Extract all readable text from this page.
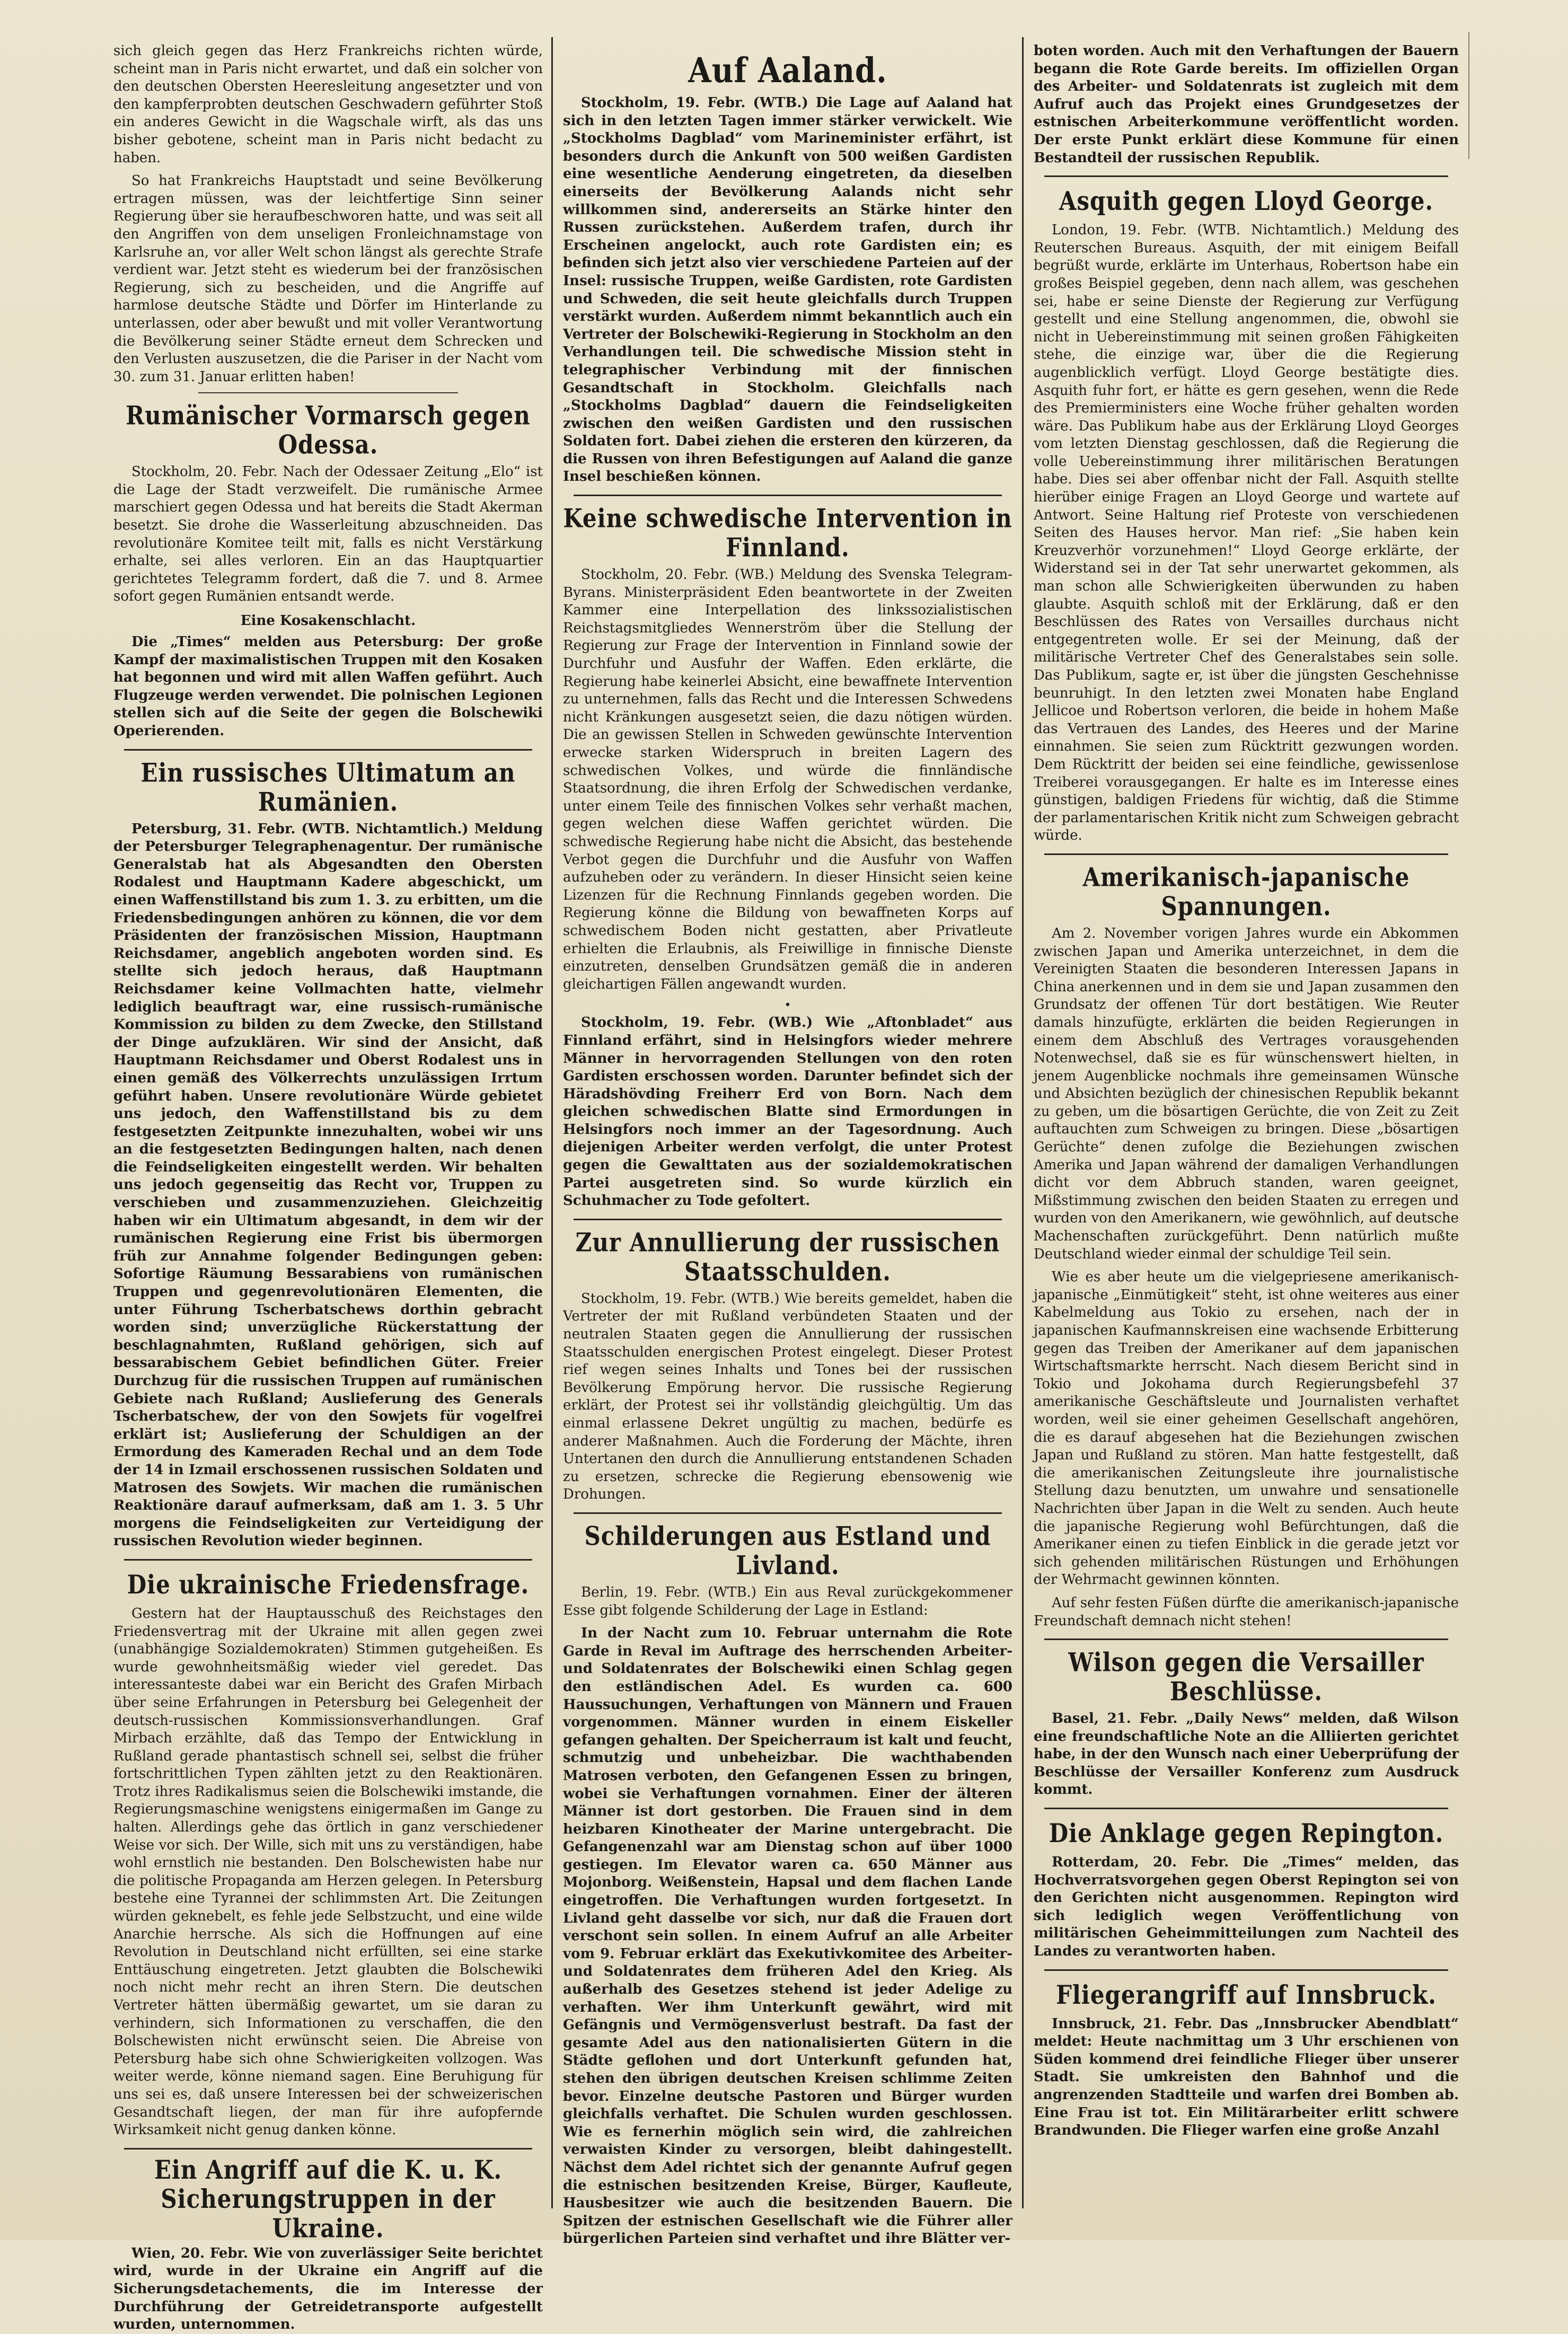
sich gleich gegen das Herz Frankreichs richten würde, scheint man in Paris nicht erwartet, und daß ein solcher von den deutschen Obersten Heeresleitung angesetzter und von den kampferprobten deutschen Geschwadern geführter Stoß ein anderes Gewicht in die Wagschale wirft, als das uns bisher gebotene, scheint man in Paris nicht bedacht zu haben.

So hat Frankreichs Hauptstadt und seine Bevölkerung ertragen müssen, was der leichtfertige Sinn seiner Regierung über sie heraufbeschworen hatte, und was seit all den Angriffen von dem unseligen Fronleichnamstage von Karlsruhe an, vor aller Welt schon längst als gerechte Strafe verdient war. Jetzt steht es wiederum bei der französischen Regierung, sich zu bescheiden, und die Angriffe auf harmlose deutsche Städte und Dörfer im Hinterlande zu unterlassen, oder aber bewußt und mit voller Verantwortung die Bevölkerung seiner Städte erneut dem Schrecken und den Verlusten auszusetzen, die die Pariser in der Nacht vom 30. zum 31. Januar erlitten haben!

Rumänischer Vormarsch gegen Odessa.

Stockholm, 20. Febr. Nach der Odessaer Zeitung „Elo“ ist die Lage der Stadt verzweifelt. Die rumänische Armee marschiert gegen Odessa und hat bereits die Stadt Akerman besetzt. Sie drohe die Wasserleitung abzuschneiden. Das revolutionäre Komitee teilt mit, falls es nicht Verstärkung erhalte, sei alles verloren. Ein an das Hauptquartier gerichtetes Telegramm fordert, daß die 7. und 8. Armee sofort gegen Rumänien entsandt werde.

Eine Kosakenschlacht.

Die „Times“ melden aus Petersburg: Der große Kampf der maximalistischen Truppen mit den Kosaken hat begonnen und wird mit allen Waffen geführt. Auch Flugzeuge werden verwendet. Die polnischen Legionen stellen sich auf die Seite der gegen die Bolschewiki Operierenden.

Ein russisches Ultimatum an Rumänien.

Petersburg, 31. Febr. (WTB. Nichtamtlich.) Meldung der Petersburger Telegraphenagentur. Der rumänische Generalstab hat als Abgesandten den Obersten Rodalest und Hauptmann Kadere abgeschickt, um einen Waffenstillstand bis zum 1. 3. zu erbitten, um die Friedensbedingungen anhören zu können, die vor dem Präsidenten der französischen Mission, Hauptmann Reichsdamer, angeblich angeboten worden sind. Es stellte sich jedoch heraus, daß Hauptmann Reichsdamer keine Vollmachten hatte, vielmehr lediglich beauftragt war, eine russisch-rumänische Kommission zu bilden zu dem Zwecke, den Stillstand der Dinge aufzuklären. Wir sind der Ansicht, daß Hauptmann Reichsdamer und Oberst Rodalest uns in einen gemäß des Völkerrechts unzulässigen Irrtum geführt haben. Unsere revolutionäre Würde gebietet uns jedoch, den Waffenstillstand bis zu dem festgesetzten Zeitpunkte innezuhalten, wobei wir uns an die festgesetzten Bedingungen halten, nach denen die Feindseligkeiten eingestellt werden. Wir behalten uns jedoch gegenseitig das Recht vor, Truppen zu verschieben und zusammenzuziehen. Gleichzeitig haben wir ein Ultimatum abgesandt, in dem wir der rumänischen Regierung eine Frist bis übermorgen früh zur Annahme folgender Bedingungen geben: Sofortige Räumung Bessarabiens von rumänischen Truppen und gegenrevolutionären Elementen, die unter Führung Tscherbatschews dorthin gebracht worden sind; unverzügliche Rückerstattung der beschlagnahmten, Rußland gehörigen, sich auf bessarabischem Gebiet befindlichen Güter. Freier Durchzug für die russischen Truppen auf rumänischen Gebiete nach Rußland; Auslieferung des Generals Tscherbatschew, der von den Sowjets für vogelfrei erklärt ist; Auslieferung der Schuldigen an der Ermordung des Kameraden Rechal und an dem Tode der 14 in Izmail erschossenen russischen Soldaten und Matrosen des Sowjets. Wir machen die rumänischen Reaktionäre darauf aufmerksam, daß am 1. 3. 5 Uhr morgens die Feindseligkeiten zur Verteidigung der russischen Revolution wieder beginnen.

Die ukrainische Friedensfrage.

Gestern hat der Hauptausschuß des Reichstages den Friedensvertrag mit der Ukraine mit allen gegen zwei (unabhängige Sozialdemokraten) Stimmen gutgeheißen. Es wurde gewohnheitsmäßig wieder viel geredet. Das interessanteste dabei war ein Bericht des Grafen Mirbach über seine Erfahrungen in Petersburg bei Gelegenheit der deutsch-russischen Kommissionsverhandlungen. Graf Mirbach erzählte, daß das Tempo der Entwicklung in Rußland gerade phantastisch schnell sei, selbst die früher fortschrittlichen Typen zählten jetzt zu den Reaktionären. Trotz ihres Radikalismus seien die Bolschewiki imstande, die Regierungsmaschine wenigstens einigermaßen im Gange zu halten. Allerdings gehe das örtlich in ganz verschiedener Weise vor sich. Der Wille, sich mit uns zu verständigen, habe wohl ernstlich nie bestanden. Den Bolschewisten habe nur die politische Propaganda am Herzen gelegen. In Petersburg bestehe eine Tyrannei der schlimmsten Art. Die Zeitungen würden geknebelt, es fehle jede Selbstzucht, und eine wilde Anarchie herrsche. Als sich die Hoffnungen auf eine Revolution in Deutschland nicht erfüllten, sei eine starke Enttäuschung eingetreten. Jetzt glaubten die Bolschewiki noch nicht mehr recht an ihren Stern. Die deutschen Vertreter hätten übermäßig gewartet, um sie daran zu verhindern, sich Informationen zu verschaffen, die den Bolschewisten nicht erwünscht seien. Die Abreise von Petersburg habe sich ohne Schwierigkeiten vollzogen. Was weiter werde, könne niemand sagen. Eine Beruhigung für uns sei es, daß unsere Interessen bei der schweizerischen Gesandtschaft liegen, der man für ihre aufopfernde Wirksamkeit nicht genug danken könne.

Ein Angriff auf die K. u. K. Sicherungstruppen in der Ukraine.

Wien, 20. Febr. Wie von zuverlässiger Seite berichtet wird, wurde in der Ukraine ein Angriff auf die Sicherungsdetachements, die im Interesse der Durchführung der Getreidetransporte aufgestellt wurden, unternommen.

Auf Aaland.

Stockholm, 19. Febr. (WTB.) Die Lage auf Aaland hat sich in den letzten Tagen immer stärker verwickelt. Wie „Stockholms Dagblad“ vom Marineminister erfährt, ist besonders durch die Ankunft von 500 weißen Gardisten eine wesentliche Aenderung eingetreten, da dieselben einerseits der Bevölkerung Aalands nicht sehr willkommen sind, andererseits an Stärke hinter den Russen zurückstehen. Außerdem trafen, durch ihr Erscheinen angelockt, auch rote Gardisten ein; es befinden sich jetzt also vier verschiedene Parteien auf der Insel: russische Truppen, weiße Gardisten, rote Gardisten und Schweden, die seit heute gleichfalls durch Truppen verstärkt wurden. Außerdem nimmt bekanntlich auch ein Vertreter der Bolschewiki-Regierung in Stockholm an den Verhandlungen teil. Die schwedische Mission steht in telegraphischer Verbindung mit der finnischen Gesandtschaft in Stockholm. Gleichfalls nach „Stockholms Dagblad“ dauern die Feindseligkeiten zwischen den weißen Gardisten und den russischen Soldaten fort. Dabei ziehen die ersteren den kürzeren, da die Russen von ihren Befestigungen auf Aaland die ganze Insel beschießen können.

Keine schwedische Intervention in Finnland.

Stockholm, 20. Febr. (WB.) Meldung des Svenska Telegram-Byrans. Ministerpräsident Eden beantwortete in der Zweiten Kammer eine Interpellation des linkssozialistischen Reichstagsmitgliedes Wennerström über die Stellung der Regierung zur Frage der Intervention in Finnland sowie der Durchfuhr und Ausfuhr der Waffen. Eden erklärte, die Regierung habe keinerlei Absicht, eine bewaffnete Intervention zu unternehmen, falls das Recht und die Interessen Schwedens nicht Kränkungen ausgesetzt seien, die dazu nötigen würden. Die an gewissen Stellen in Schweden gewünschte Intervention erwecke starken Widerspruch in breiten Lagern des schwedischen Volkes, und würde die finnländische Staatsordnung, die ihren Erfolg der Schwedischen verdanke, unter einem Teile des finnischen Volkes sehr verhaßt machen, gegen welchen diese Waffen gerichtet würden. Die schwedische Regierung habe nicht die Absicht, das bestehende Verbot gegen die Durchfuhr und die Ausfuhr von Waffen aufzuheben oder zu verändern. In dieser Hinsicht seien keine Lizenzen für die Rechnung Finnlands gegeben worden. Die Regierung könne die Bildung von bewaffneten Korps auf schwedischem Boden nicht gestatten, aber Privatleute erhielten die Erlaubnis, als Freiwillige in finnische Dienste einzutreten, denselben Grundsätzen gemäß die in anderen gleichartigen Fällen angewandt wurden.

•

Stockholm, 19. Febr. (WB.) Wie „Aftonbladet“ aus Finnland erfährt, sind in Helsingfors wieder mehrere Männer in hervorragenden Stellungen von den roten Gardisten erschossen worden. Darunter befindet sich der Häradshövding Freiherr Erd von Born. Nach dem gleichen schwedischen Blatte sind Ermordungen in Helsingfors noch immer an der Tagesordnung. Auch diejenigen Arbeiter werden verfolgt, die unter Protest gegen die Gewalttaten aus der sozialdemokratischen Partei ausgetreten sind. So wurde kürzlich ein Schuhmacher zu Tode gefoltert.

Zur Annullierung der russischen Staatsschulden.

Stockholm, 19. Febr. (WTB.) Wie bereits gemeldet, haben die Vertreter der mit Rußland verbündeten Staaten und der neutralen Staaten gegen die Annullierung der russischen Staatsschulden energischen Protest eingelegt. Dieser Protest rief wegen seines Inhalts und Tones bei der russischen Bevölkerung Empörung hervor. Die russische Regierung erklärt, der Protest sei ihr vollständig gleichgültig. Um das einmal erlassene Dekret ungültig zu machen, bedürfe es anderer Maßnahmen. Auch die Forderung der Mächte, ihren Untertanen den durch die Annullierung entstandenen Schaden zu ersetzen, schrecke die Regierung ebensowenig wie Drohungen.

Schilderungen aus Estland und Livland.

Berlin, 19. Febr. (WTB.) Ein aus Reval zurückgekommener Esse gibt folgende Schilderung der Lage in Estland:

In der Nacht zum 10. Februar unternahm die Rote Garde in Reval im Auftrage des herrschenden Arbeiter- und Soldatenrates der Bolschewiki einen Schlag gegen den estländischen Adel. Es wurden ca. 600 Haussuchungen, Verhaftungen von Männern und Frauen vorgenommen. Männer wurden in einem Eiskeller gefangen gehalten. Der Speicherraum ist kalt und feucht, schmutzig und unbeheizbar. Die wachthabenden Matrosen verboten, den Gefangenen Essen zu bringen, wobei sie Verhaftungen vornahmen. Einer der älteren Männer ist dort gestorben. Die Frauen sind in dem heizbaren Kinotheater der Marine untergebracht. Die Gefangenenzahl war am Dienstag schon auf über 1000 gestiegen. Im Elevator waren ca. 650 Männer aus Mojonborg. Weißenstein, Hapsal und dem flachen Lande eingetroffen. Die Verhaftungen wurden fortgesetzt. In Livland geht dasselbe vor sich, nur daß die Frauen dort verschont sein sollen. In einem Aufruf an alle Arbeiter vom 9. Februar erklärt das Exekutivkomitee des Arbeiter- und Soldatenrates dem früheren Adel den Krieg. Als außerhalb des Gesetzes stehend ist jeder Adelige zu verhaften. Wer ihm Unterkunft gewährt, wird mit Gefängnis und Vermögensverlust bestraft. Da fast der gesamte Adel aus den nationalisierten Gütern in die Städte geflohen und dort Unterkunft gefunden hat, stehen den übrigen deutschen Kreisen schlimme Zeiten bevor. Einzelne deutsche Pastoren und Bürger wurden gleichfalls verhaftet. Die Schulen wurden geschlossen. Wie es fernerhin möglich sein wird, die zahlreichen verwaisten Kinder zu versorgen, bleibt dahingestellt. Nächst dem Adel richtet sich der genannte Aufruf gegen die estnischen besitzenden Kreise, Bürger, Kaufleute, Hausbesitzer wie auch die besitzenden Bauern. Die Spitzen der estnischen Gesellschaft wie die Führer aller bürgerlichen Parteien sind verhaftet und ihre Blätter ver-

boten worden. Auch mit den Verhaftungen der Bauern begann die Rote Garde bereits. Im offiziellen Organ des Arbeiter- und Soldatenrats ist zugleich mit dem Aufruf auch das Projekt eines Grundgesetzes der estnischen Arbeiterkommune veröffentlicht worden. Der erste Punkt erklärt diese Kommune für einen Bestandteil der russischen Republik.

Asquith gegen Lloyd George.

London, 19. Febr. (WTB. Nichtamtlich.) Meldung des Reuterschen Bureaus. Asquith, der mit einigem Beifall begrüßt wurde, erklärte im Unterhaus, Robertson habe ein großes Beispiel gegeben, denn nach allem, was geschehen sei, habe er seine Dienste der Regierung zur Verfügung gestellt und eine Stellung angenommen, die, obwohl sie nicht in Uebereinstimmung mit seinen großen Fähigkeiten stehe, die einzige war, über die die Regierung augenblicklich verfügt. Lloyd George bestätigte dies. Asquith fuhr fort, er hätte es gern gesehen, wenn die Rede des Premierministers eine Woche früher gehalten worden wäre. Das Publikum habe aus der Erklärung Lloyd Georges vom letzten Dienstag geschlossen, daß die Regierung die volle Uebereinstimmung ihrer militärischen Beratungen habe. Dies sei aber offenbar nicht der Fall. Asquith stellte hierüber einige Fragen an Lloyd George und wartete auf Antwort. Seine Haltung rief Proteste von verschiedenen Seiten des Hauses hervor. Man rief: „Sie haben kein Kreuzverhör vorzunehmen!“ Lloyd George erklärte, der Widerstand sei in der Tat sehr unerwartet gekommen, als man schon alle Schwierigkeiten überwunden zu haben glaubte. Asquith schloß mit der Erklärung, daß er den Beschlüssen des Rates von Versailles durchaus nicht entgegentreten wolle. Er sei der Meinung, daß der militärische Vertreter Chef des Generalstabes sein solle. Das Publikum, sagte er, ist über die jüngsten Geschehnisse beunruhigt. In den letzten zwei Monaten habe England Jellicoe und Robertson verloren, die beide in hohem Maße das Vertrauen des Landes, des Heeres und der Marine einnahmen. Sie seien zum Rücktritt gezwungen worden. Dem Rücktritt der beiden sei eine feindliche, gewissenlose Treiberei vorausgegangen. Er halte es im Interesse eines günstigen, baldigen Friedens für wichtig, daß die Stimme der parlamentarischen Kritik nicht zum Schweigen gebracht würde.

Amerikanisch-japanische Spannungen.

Am 2. November vorigen Jahres wurde ein Abkommen zwischen Japan und Amerika unterzeichnet, in dem die Vereinigten Staaten die besonderen Interessen Japans in China anerkennen und in dem sie und Japan zusammen den Grundsatz der offenen Tür dort bestätigen. Wie Reuter damals hinzufügte, erklärten die beiden Regierungen in einem dem Abschluß des Vertrages vorausgehenden Notenwechsel, daß sie es für wünschenswert hielten, in jenem Augenblicke nochmals ihre gemeinsamen Wünsche und Absichten bezüglich der chinesischen Republik bekannt zu geben, um die bösartigen Gerüchte, die von Zeit zu Zeit auftauchten zum Schweigen zu bringen. Diese „bösartigen Gerüchte“ denen zufolge die Beziehungen zwischen Amerika und Japan während der damaligen Verhandlungen dicht vor dem Abbruch standen, waren geeignet, Mißstimmung zwischen den beiden Staaten zu erregen und wurden von den Amerikanern, wie gewöhnlich, auf deutsche Machenschaften zurückgeführt. Denn natürlich mußte Deutschland wieder einmal der schuldige Teil sein.

Wie es aber heute um die vielgepriesene amerikanisch-japanische „Einmütigkeit“ steht, ist ohne weiteres aus einer Kabelmeldung aus Tokio zu ersehen, nach der in japanischen Kaufmannskreisen eine wachsende Erbitterung gegen das Treiben der Amerikaner auf dem japanischen Wirtschaftsmarkte herrscht. Nach diesem Bericht sind in Tokio und Jokohama durch Regierungsbefehl 37 amerikanische Geschäftsleute und Journalisten verhaftet worden, weil sie einer geheimen Gesellschaft angehören, die es darauf abgesehen hat die Beziehungen zwischen Japan und Rußland zu stören. Man hatte festgestellt, daß die amerikanischen Zeitungsleute ihre journalistische Stellung dazu benutzten, um unwahre und sensationelle Nachrichten über Japan in die Welt zu senden. Auch heute die japanische Regierung wohl Befürchtungen, daß die Amerikaner einen zu tiefen Einblick in die gerade jetzt vor sich gehenden militärischen Rüstungen und Erhöhungen der Wehrmacht gewinnen könnten.

Auf sehr festen Füßen dürfte die amerikanisch-japanische Freundschaft demnach nicht stehen!

Wilson gegen die Versailler Beschlüsse.

Basel, 21. Febr. „Daily News“ melden, daß Wilson eine freundschaftliche Note an die Alliierten gerichtet habe, in der den Wunsch nach einer Ueberprüfung der Beschlüsse der Versailler Konferenz zum Ausdruck kommt.

Die Anklage gegen Repington.

Rotterdam, 20. Febr. Die „Times“ melden, das Hochverratsvorgehen gegen Oberst Repington sei von den Gerichten nicht ausgenommen. Repington wird sich lediglich wegen Veröffentlichung von militärischen Geheimmitteilungen zum Nachteil des Landes zu verantworten haben.

Fliegerangriff auf Innsbruck.

Innsbruck, 21. Febr. Das „Innsbrucker Abendblatt“ meldet: Heute nachmittag um 3 Uhr erschienen von Süden kommend drei feindliche Flieger über unserer Stadt. Sie umkreisten den Bahnhof und die angrenzenden Stadtteile und warfen drei Bomben ab. Eine Frau ist tot. Ein Militärarbeiter erlitt schwere Brandwunden. Die Flieger warfen eine große Anzahl
